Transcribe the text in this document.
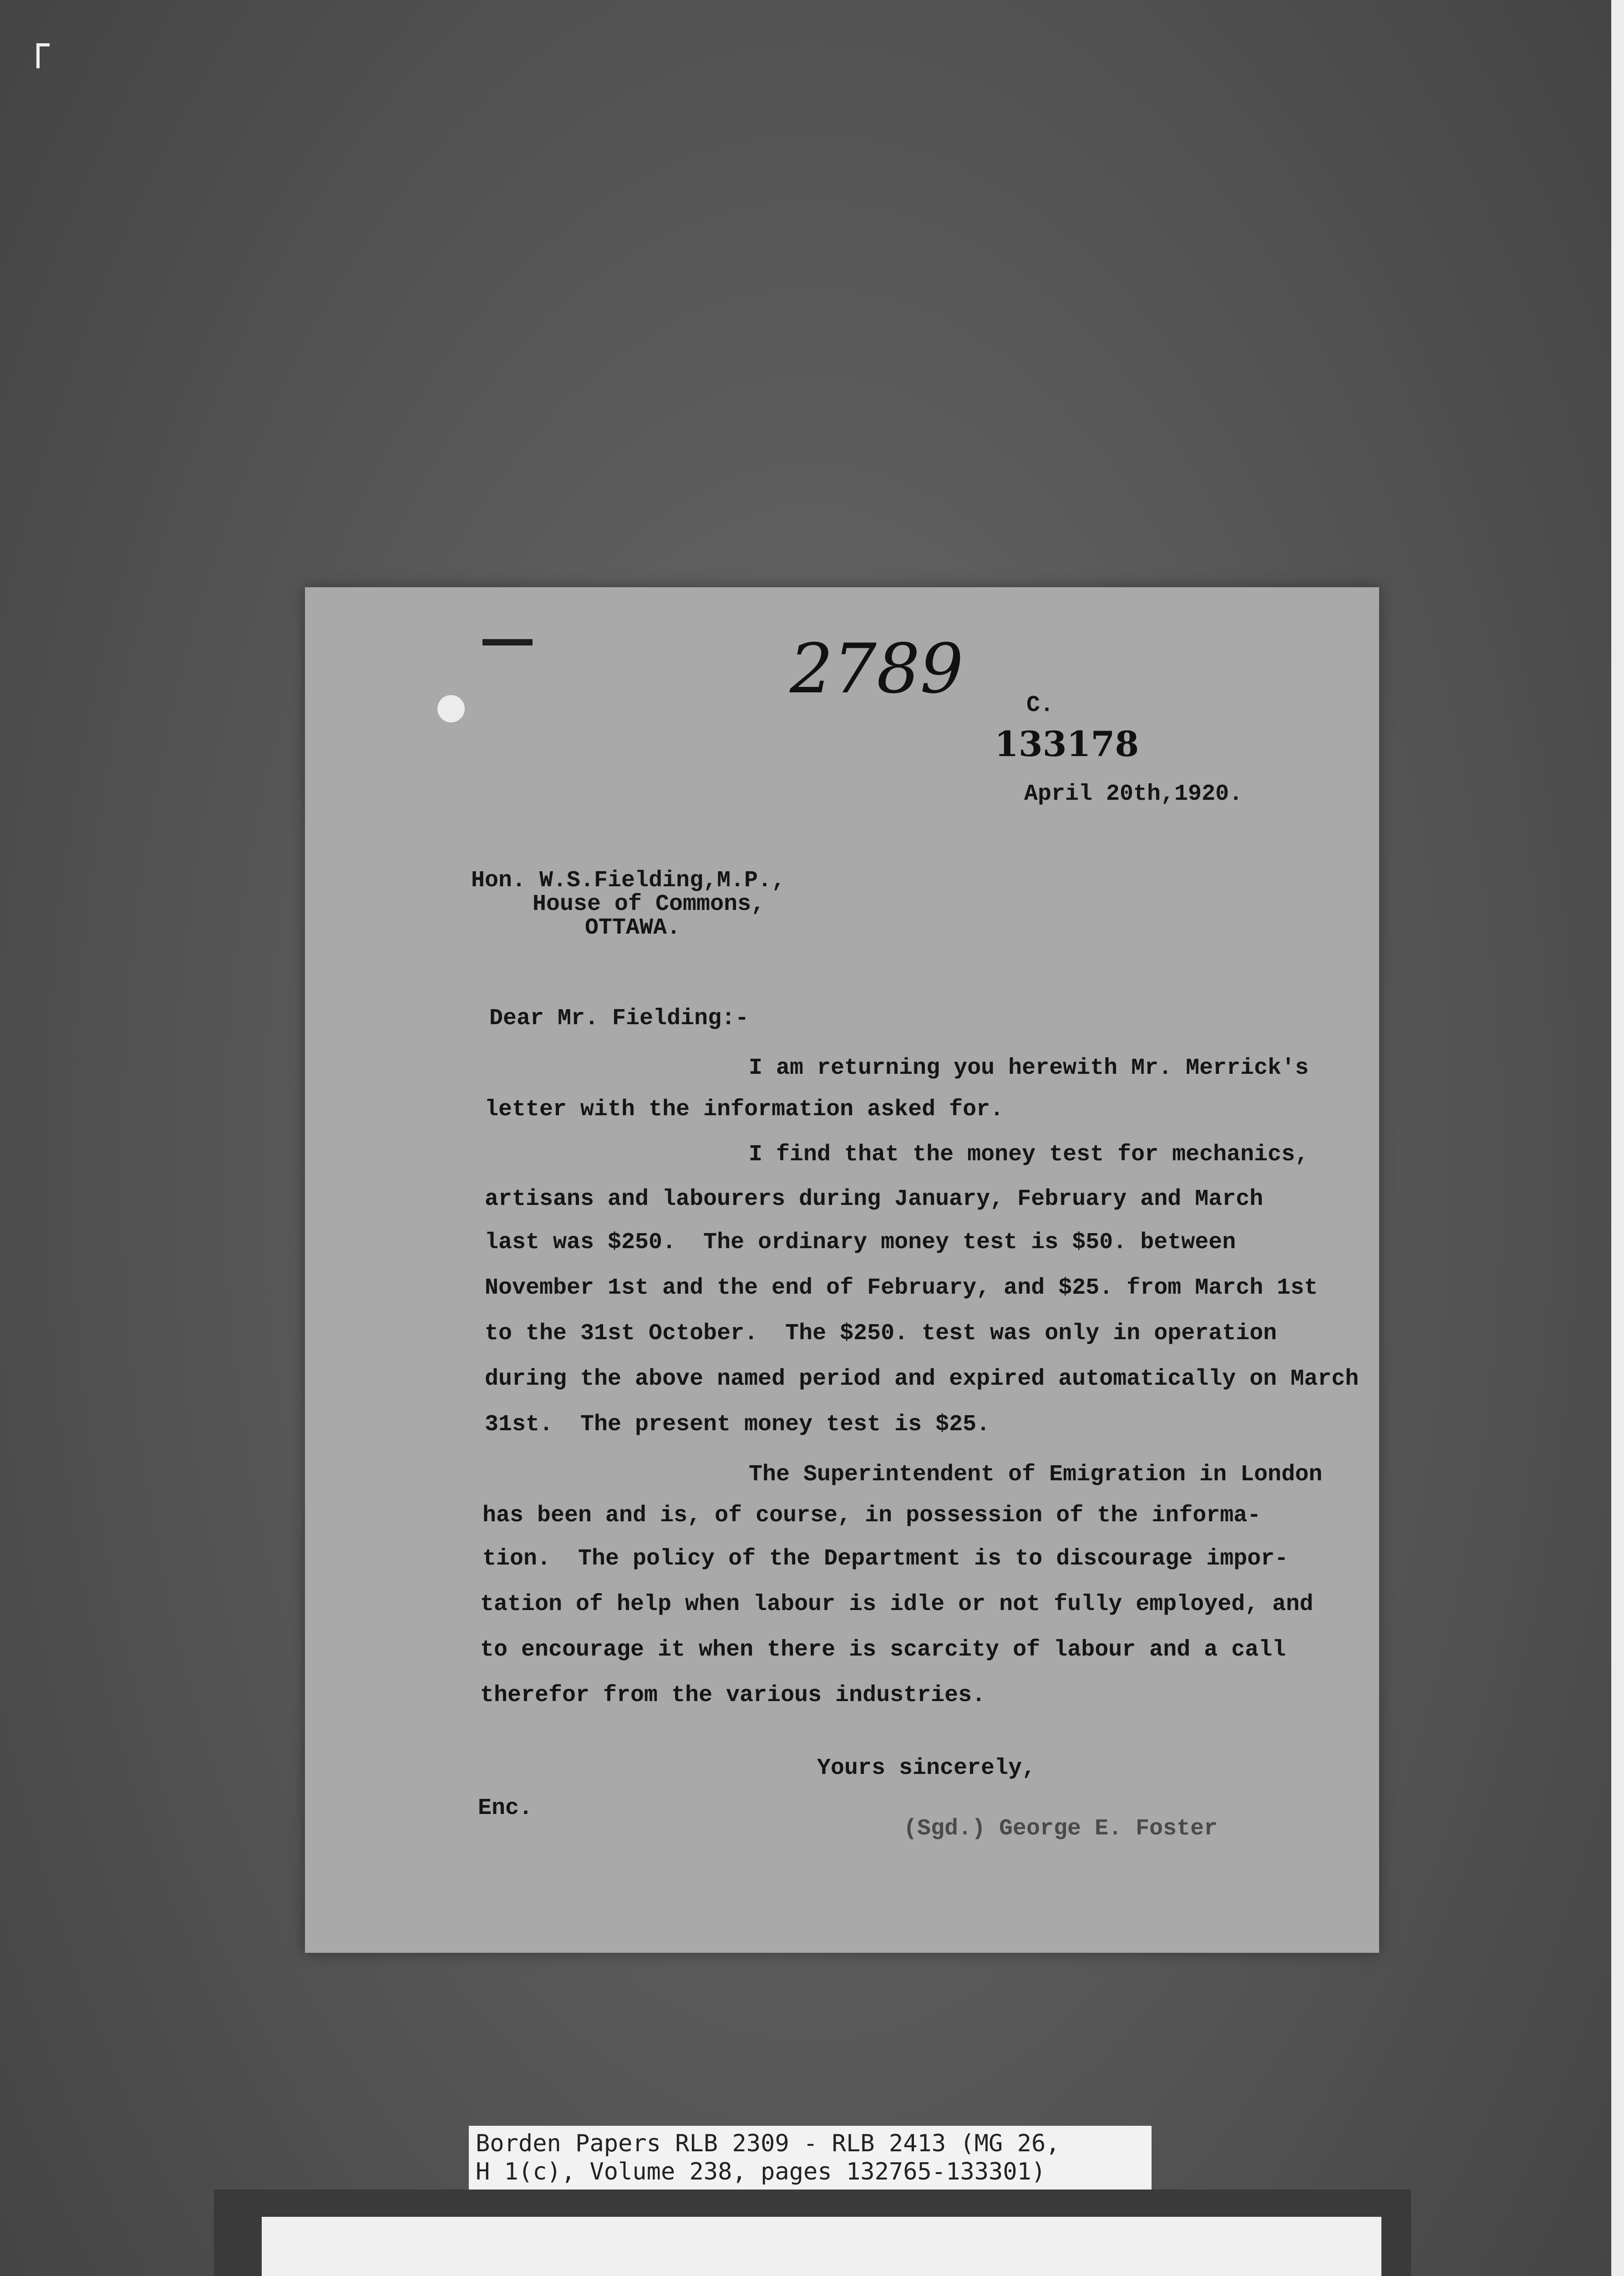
2789	C.
133178
April 20th,1920.
Hon. W.S.Fielding,M.P.,
House of Commons,
OTTAWA.
Dear Mr. Fielding:-
I am returning you herewith Mr. Merrick's
letter with the information asked for.
I find that the money test for mechanics,
artisans and labourers during January, February and March
last was $250.  The ordinary money test is $50. between
November 1st and the end of February, and $25. from March 1st
to the 31st October.  The $250. test was only in operation
during the above named period and expired automatically on March
31st.  The present money test is $25.
The Superintendent of Emigration in London
has been and is, of course, in possession of the informa-
tion.  The policy of the Department is to discourage impor-
tation of help when labour is idle or not fully employed, and
to encourage it when there is scarcity of labour and a call
therefor from the various industries.
Yours sincerely,
Enc.
(Sgd.) George E. Foster
Borden Papers RLB 2309 - RLB 2413 (MG 26,
H 1(c), Volume 238, pages 132765-133301)
